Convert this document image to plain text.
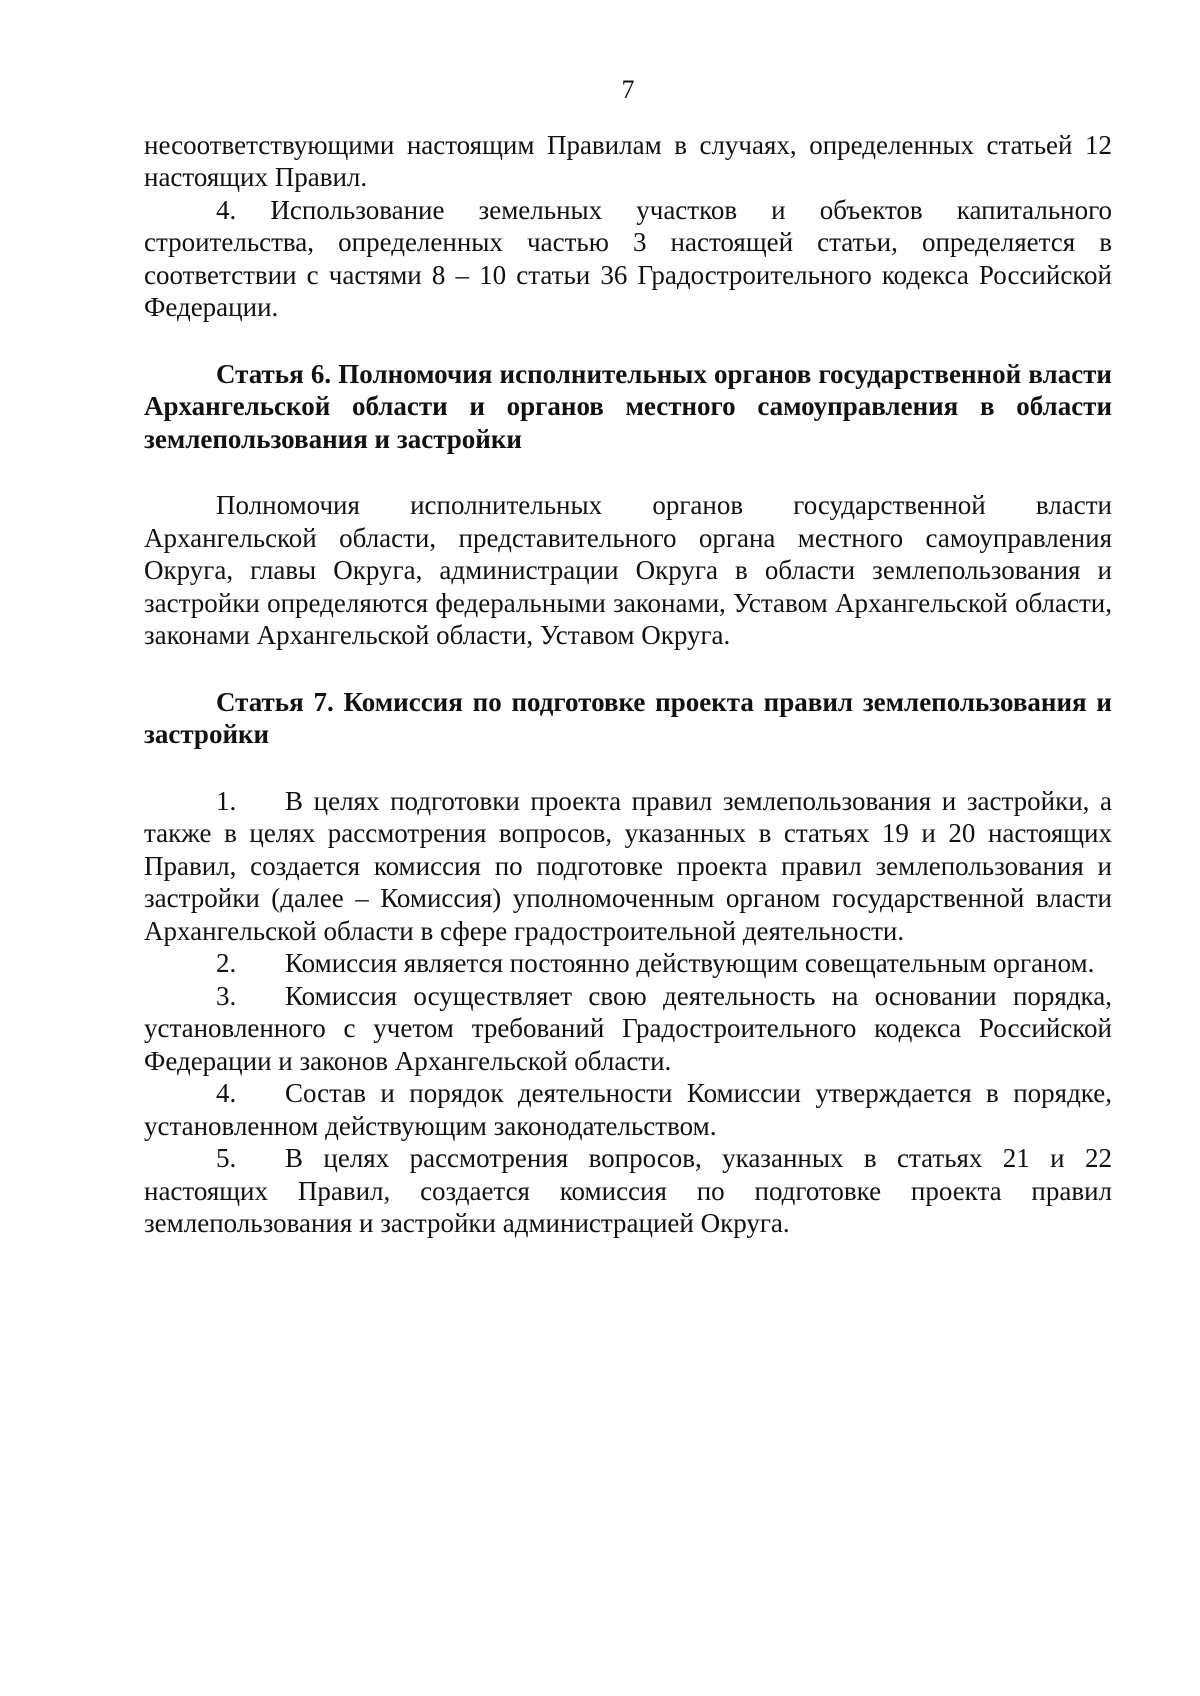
7

несоответствующими настоящим Правилам в случаях, определенных статьей 12 настоящих Правил.

4. Использование земельных участков и объектов капитального строительства, определенных частью 3 настоящей статьи, определяется в соответствии с частями 8 – 10 статьи 36 Градостроительного кодекса Российской Федерации.

Статья 6. Полномочия исполнительных органов государственной власти Архангельской области и органов местного самоуправления в области землепользования и застройки

Полномочия исполнительных органов государственной власти Архангельской области, представительного органа местного самоуправления Округа, главы Округа, администрации Округа в области землепользования и застройки определяются федеральными законами, Уставом Архангельской области, законами Архангельской области, Уставом Округа.

Статья 7. Комиссия по подготовке проекта правил землепользования и застройки

1. В целях подготовки проекта правил землепользования и застройки, а также в целях рассмотрения вопросов, указанных в статьях 19 и 20 настоящих Правил, создается комиссия по подготовке проекта правил землепользования и застройки (далее – Комиссия) уполномоченным органом государственной власти Архангельской области в сфере градостроительной деятельности.

2. Комиссия является постоянно действующим совещательным органом.

3. Комиссия осуществляет свою деятельность на основании порядка, установленного с учетом требований Градостроительного кодекса Российской Федерации и законов Архангельской области.

4. Состав и порядок деятельности Комиссии утверждается в порядке, установленном действующим законодательством.

5. В целях рассмотрения вопросов, указанных в статьях 21 и 22 настоящих Правил, создается комиссия по подготовке проекта правил землепользования и застройки администрацией Округа.
